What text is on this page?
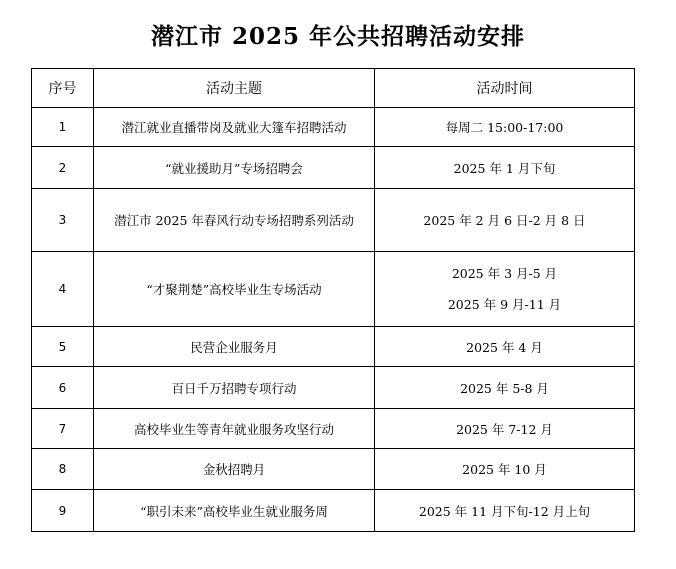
潜江市 2025 年公共招聘活动安排
序号	活动主题	活动时间
1	潜江就业直播带岗及就业大篷车招聘活动	每周二 15:00-17:00
2	“就业援助月”专场招聘会	2025 年 1 月下旬
3	潜江市 2025 年春风行动专场招聘系列活动	2025 年 2 月 6 日-2 月 8 日
4	“才聚荆楚”高校毕业生专场活动	2025 年 3 月-5 月
2025 年 9 月-11 月

5	民营企业服务月	2025 年 4 月
6	百日千万招聘专项行动	2025 年 5-8 月
7	高校毕业生等青年就业服务攻坚行动	2025 年 7-12 月
8	金秋招聘月	2025 年 10 月
9	“职引未来”高校毕业生就业服务周	2025 年 11 月下旬-12 月上旬
